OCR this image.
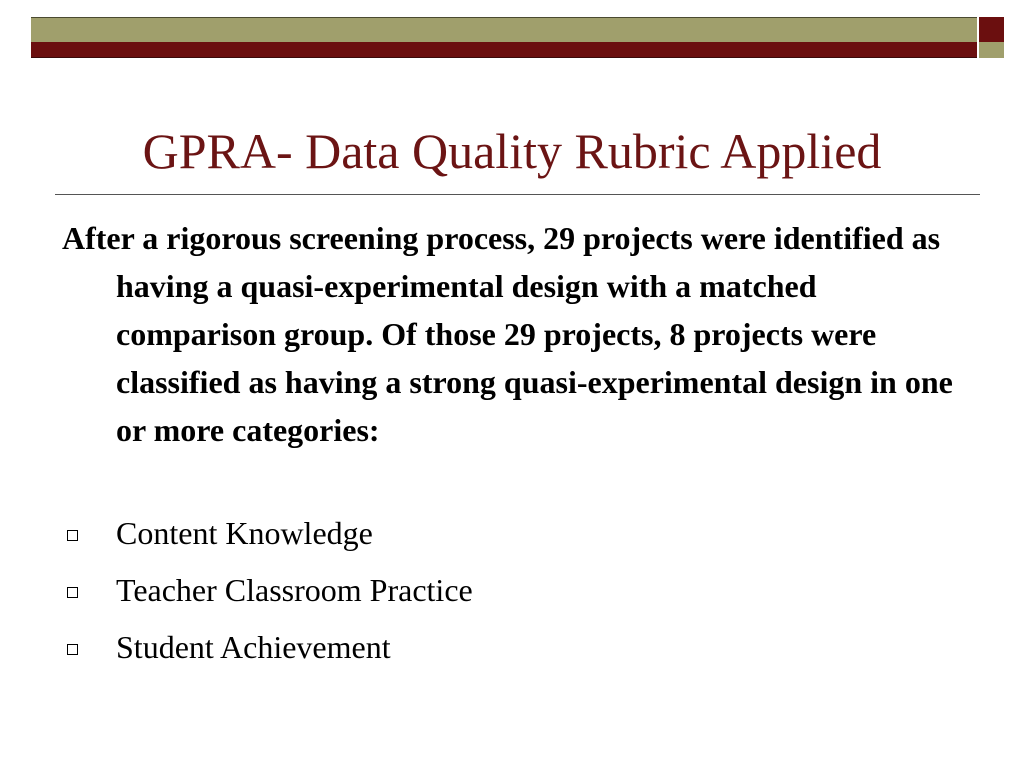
GPRA- Data Quality Rubric Applied
After a rigorous screening process, 29 projects were identified as having a quasi-experimental design with a matched comparison group. Of those 29 projects, 8 projects were classified as having a strong quasi-experimental design in one or more categories:
Content Knowledge
Teacher Classroom Practice
Student Achievement
